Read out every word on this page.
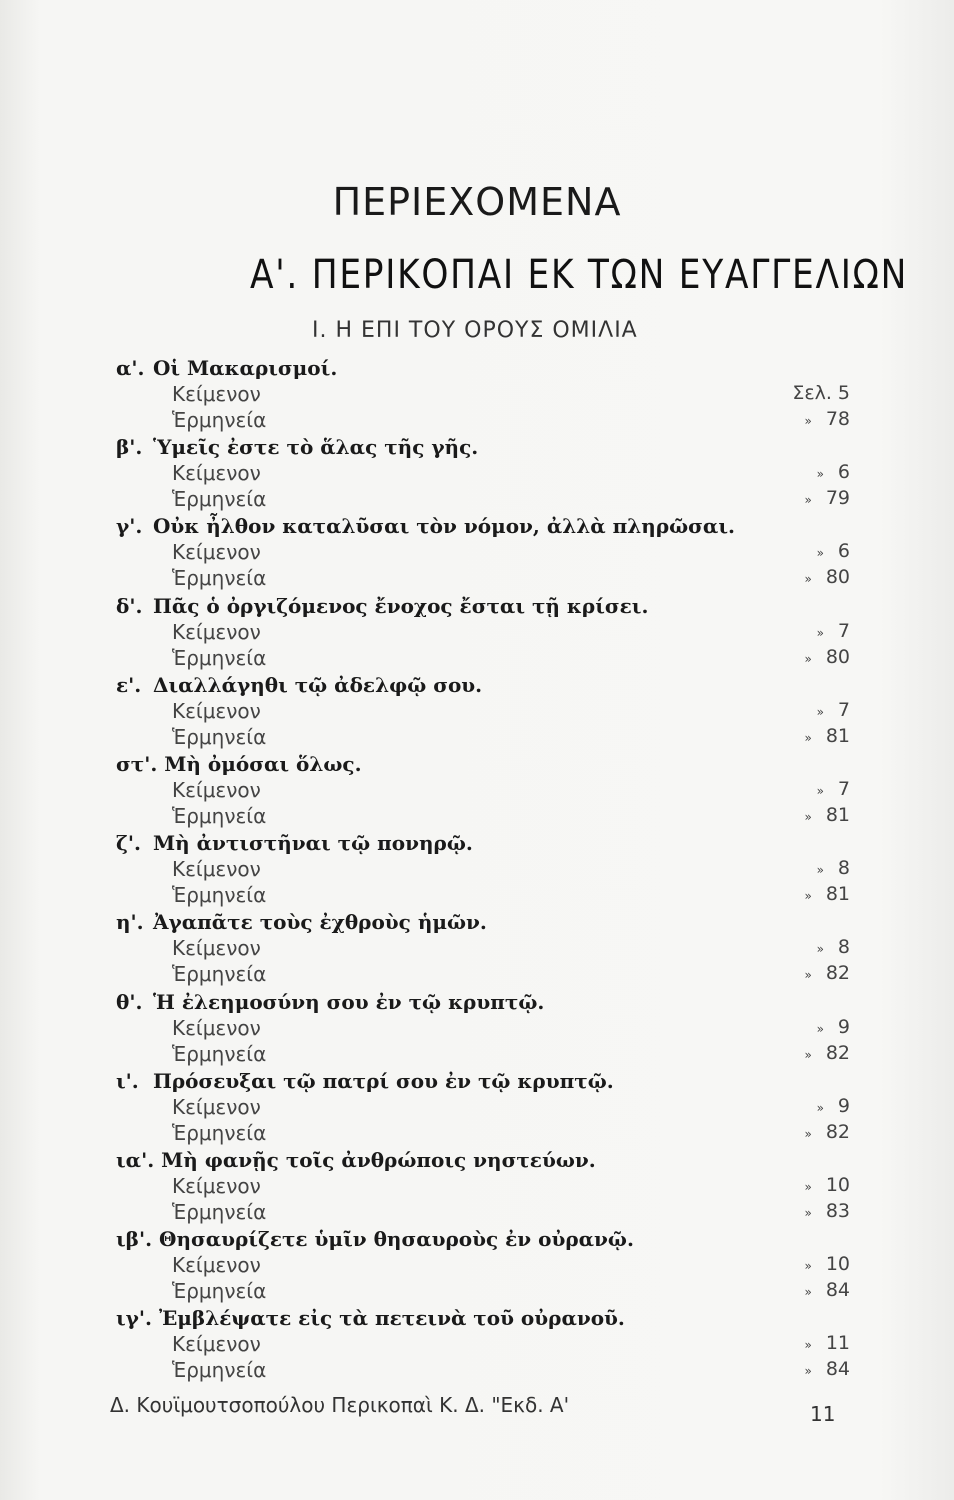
ΠΕΡΙΕΧΟΜΕΝΑ
Α'. ΠΕΡΙΚΟΠΑΙ ΕΚ ΤΩΝ ΕΥΑΓΓΕΛΙΩΝ
Ι. Η ΕΠΙ ΤΟΥ ΟΡΟΥΣ ΟΜΙΛΙΑ
α'. Οἱ Μακαρισμοί.
Κείμενον	Σελ. 5
Ἑρμηνεία	» 78
β'. Ὑμεῖς ἐστε τὸ ἅλας τῆς γῆς.
Κείμενον	» 6
Ἑρμηνεία	» 79
γ'. Οὐκ ἦλθον καταλῦσαι τὸν νόμον, ἀλλὰ πληρῶσαι.
Κείμενον	» 6
Ἑρμηνεία	» 80
δ'. Πᾶς ὁ ὀργιζόμενος ἔνοχος ἔσται τῇ κρίσει.
Κείμενον	» 7
Ἑρμηνεία	» 80
ε'. Διαλλάγηθι τῷ ἀδελφῷ σου.
Κείμενον	» 7
Ἑρμηνεία	» 81
στ'. Μὴ ὀμόσαι ὅλως.
Κείμενον	» 7
Ἑρμηνεία	» 81
ζ'. Μὴ ἀντιστῆναι τῷ πονηρῷ.
Κείμενον	» 8
Ἑρμηνεία	» 81
η'. Ἀγαπᾶτε τοὺς ἐχθροὺς ἡμῶν.
Κείμενον	» 8
Ἑρμηνεία	» 82
θ'. Ἡ ἐλεημοσύνη σου ἐν τῷ κρυπτῷ.
Κείμενον	» 9
Ἑρμηνεία	» 82
ι'. Πρόσευξαι τῷ πατρί σου ἐν τῷ κρυπτῷ.
Κείμενον	» 9
Ἑρμηνεία	» 82
ια'. Μὴ φανῇς τοῖς ἀνθρώποις νηστεύων.
Κείμενον	» 10
Ἑρμηνεία	» 83
ιβ'. Θησαυρίζετε ὑμῖν θησαυροὺς ἐν οὐρανῷ.
Κείμενον	» 10
Ἑρμηνεία	» 84
ιγ'. Ἐμβλέψατε εἰς τὰ πετεινὰ τοῦ οὐρανοῦ.
Κείμενον	» 11
Ἑρμηνεία	» 84
Δ. Κουϊμουτσοπούλου Περικοπαὶ Κ. Δ. "Εκδ. Α'	11
